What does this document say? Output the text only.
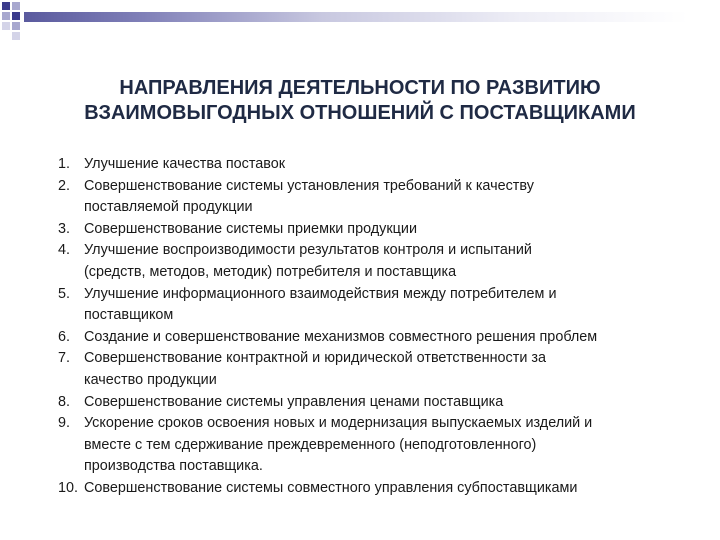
НАПРАВЛЕНИЯ ДЕЯТЕЛЬНОСТИ ПО РАЗВИТИЮ
ВЗАИМОВЫГОДНЫХ ОТНОШЕНИЙ С ПОСТАВЩИКАМИ
1. Улучшение качества поставок
2. Совершенствование системы установления требований к качеству
поставляемой продукции
3. Совершенствование системы приемки продукции
4. Улучшение воспроизводимости результатов контроля и испытаний
(средств, методов, методик) потребителя и поставщика
5. Улучшение информационного взаимодействия между потребителем и
поставщиком
6. Создание и совершенствование механизмов совместного решения проблем
7. Совершенствование контрактной и юридической ответственности за
качество продукции
8. Совершенствование системы управления ценами поставщика
9. Ускорение сроков освоения новых и модернизация выпускаемых изделий и
вместе с тем сдерживание преждевременного (неподготовленного)
производства поставщика.
10. Совершенствование системы совместного управления субпоставщиками
